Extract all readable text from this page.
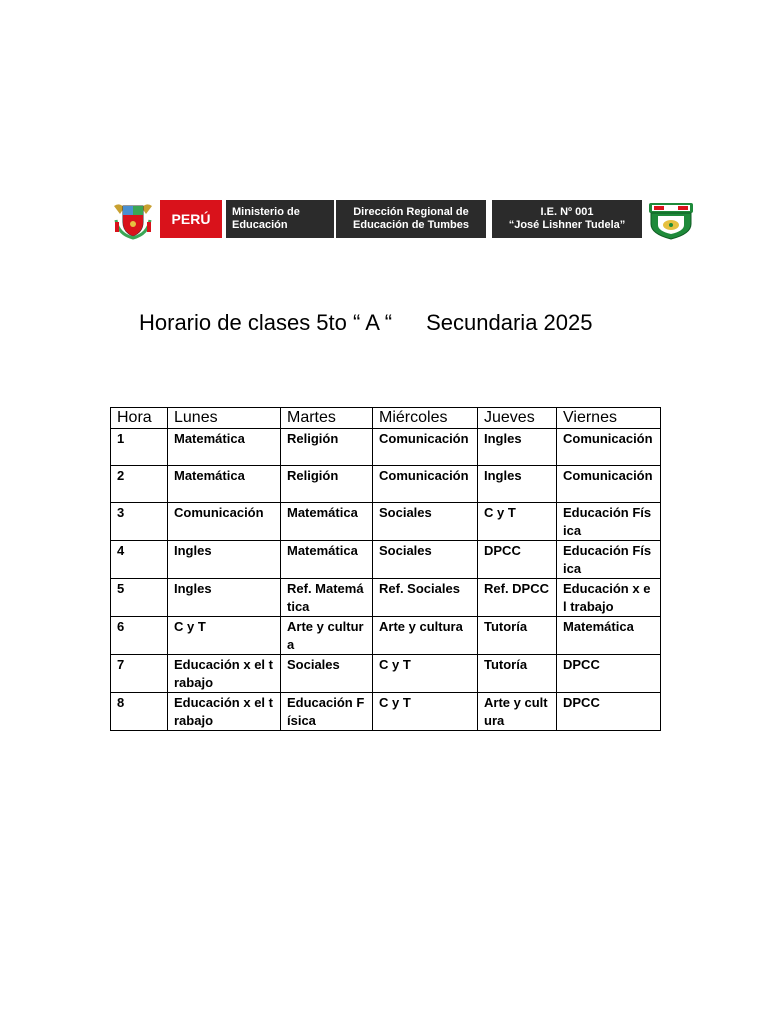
PERÚ	Ministerio de
Educación
Dirección Regional de
Educación de Tumbes
I.E. Nº 001
“José Lishner Tudela”
Horario de clases 5to “ A “ Secundaria 2025
Hora	Lunes	Martes	Miércoles	Jueves	Viernes
1	Matemática	Religión	Comunicación	Ingles	Comunicación
2	Matemática	Religión	Comunicación	Ingles	Comunicación
3	Comunicación	Matemática	Sociales	C y T	Educación Física
4	Ingles	Matemática	Sociales	DPCC	Educación Física
5	Ingles	Ref. Matemática	Ref. Sociales	Ref. DPCC	Educación x el trabajo
6	C y T	Arte y cultura	Arte y cultura	Tutoría	Matemática
7	Educación x el trabajo	Sociales	C y T	Tutoría	DPCC
8	Educación x el trabajo	Educación Física	C y T	Arte y cultura	DPCC
